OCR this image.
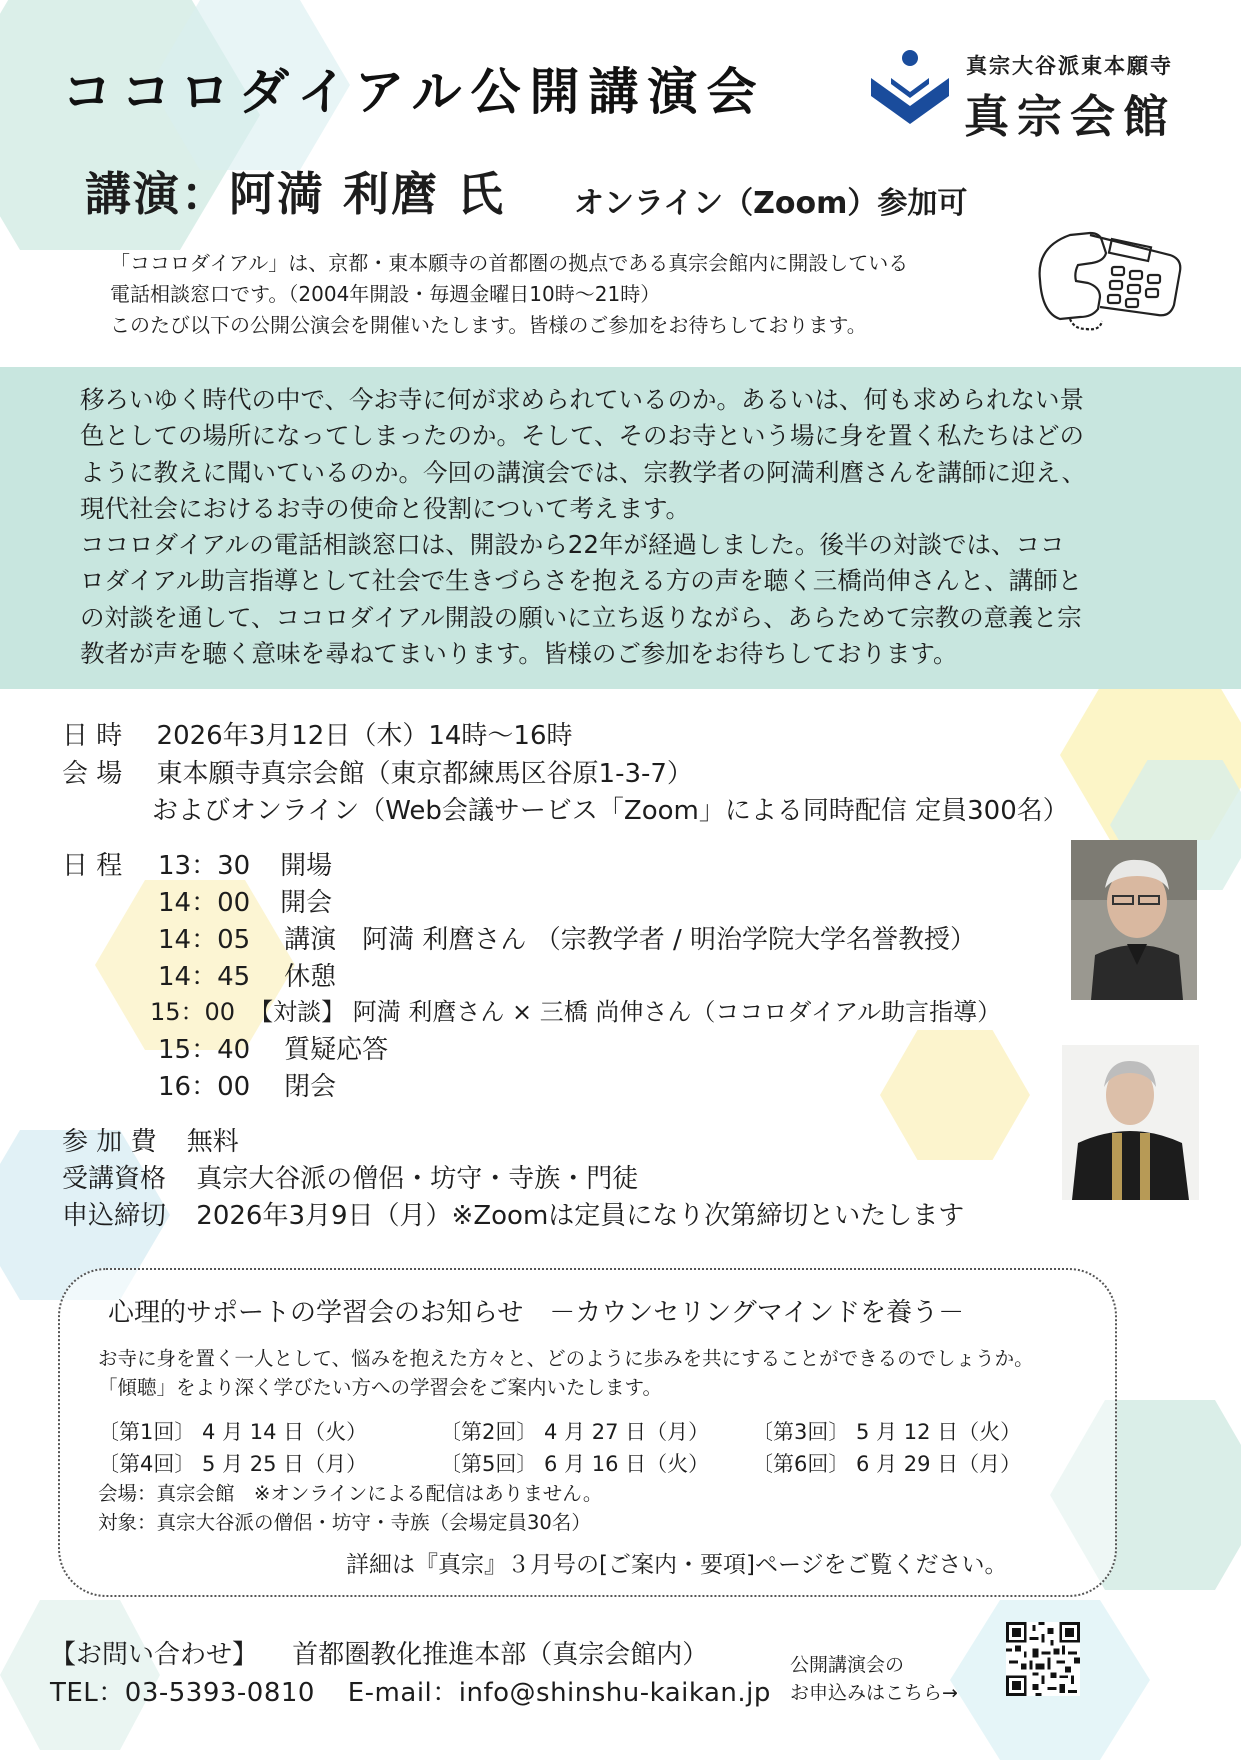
ココロダイアル公開講演会	真宗大谷派東本願寺
真宗会館
講演：阿満 利麿 氏 オンライン（Zoom）参加可
「ココロダイアル」は、京都・東本願寺の首都圏の拠点である真宗会館内に開設している
電話相談窓口です。（2004年開設・毎週金曜日10時～21時）
このたび以下の公開公演会を開催いたします。皆様のご参加をお待ちしております。
移ろいゆく時代の中で、今お寺に何が求められているのか。あるいは、何も求められない景
色としての場所になってしまったのか。そして、そのお寺という場に身を置く私たちはどの
ように教えに聞いているのか。今回の講演会では、宗教学者の阿満利麿さんを講師に迎え、
現代社会におけるお寺の使命と役割について考えます。
ココロダイアルの電話相談窓口は、開設から22年が経過しました。後半の対談では、ココ
ロダイアル助言指導として社会で生きづらさを抱える方の声を聴く三橋尚伸さんと、講師と
の対談を通して、ココロダイアル開設の願いに立ち返りながら、あらためて宗教の意義と宗
教者が声を聴く意味を尋ねてまいります。皆様のご参加をお待ちしております。
日 時 2026年3月12日（木）14時～16時
会 場 東本願寺真宗会館（東京都練馬区谷原1-3-7）
およびオンライン（Web会議サービス「Zoom」による同時配信 定員300名）
日 程 13：30 開場
14：00 開会
14：05 講演　阿満 利麿さん （宗教学者 / 明治学院大学名誉教授）
14：45 休憩
15：00 【対談】 阿満 利麿さん × 三橋 尚伸さん（ココロダイアル助言指導）
15：40 質疑応答
16：00 閉会
参 加 費 無料
受講資格 真宗大谷派の僧侶・坊守・寺族・門徒
申込締切 2026年3月9日（月）※Zoomは定員になり次第締切といたします
心理的サポートの学習会のお知らせ　－カウンセリングマインドを養う－
お寺に身を置く一人として、悩みを抱えた方々と、どのように歩みを共にすることができるのでしょうか。
「傾聴」をより深く学びたい方への学習会をご案内いたします。
〔第1回〕 4 月 14 日（火）	〔第2回〕 4 月 27 日（月） 〔第3回〕 5 月 12 日（火）
〔第4回〕 5 月 25 日（月）	〔第5回〕 6 月 16 日（火） 〔第6回〕 6 月 29 日（月）
会場：真宗会館　※オンラインによる配信はありません。
対象：真宗大谷派の僧侶・坊守・寺族（会場定員30名）
詳細は『真宗』３月号の[ご案内・要項]ページをご覧ください。
【お問い合わせ】 首都圏教化推進本部（真宗会館内）
TEL：03-5393-0810 E-mail：info@shinshu-kaikan.jp
公開講演会の
お申込みはこちら→
